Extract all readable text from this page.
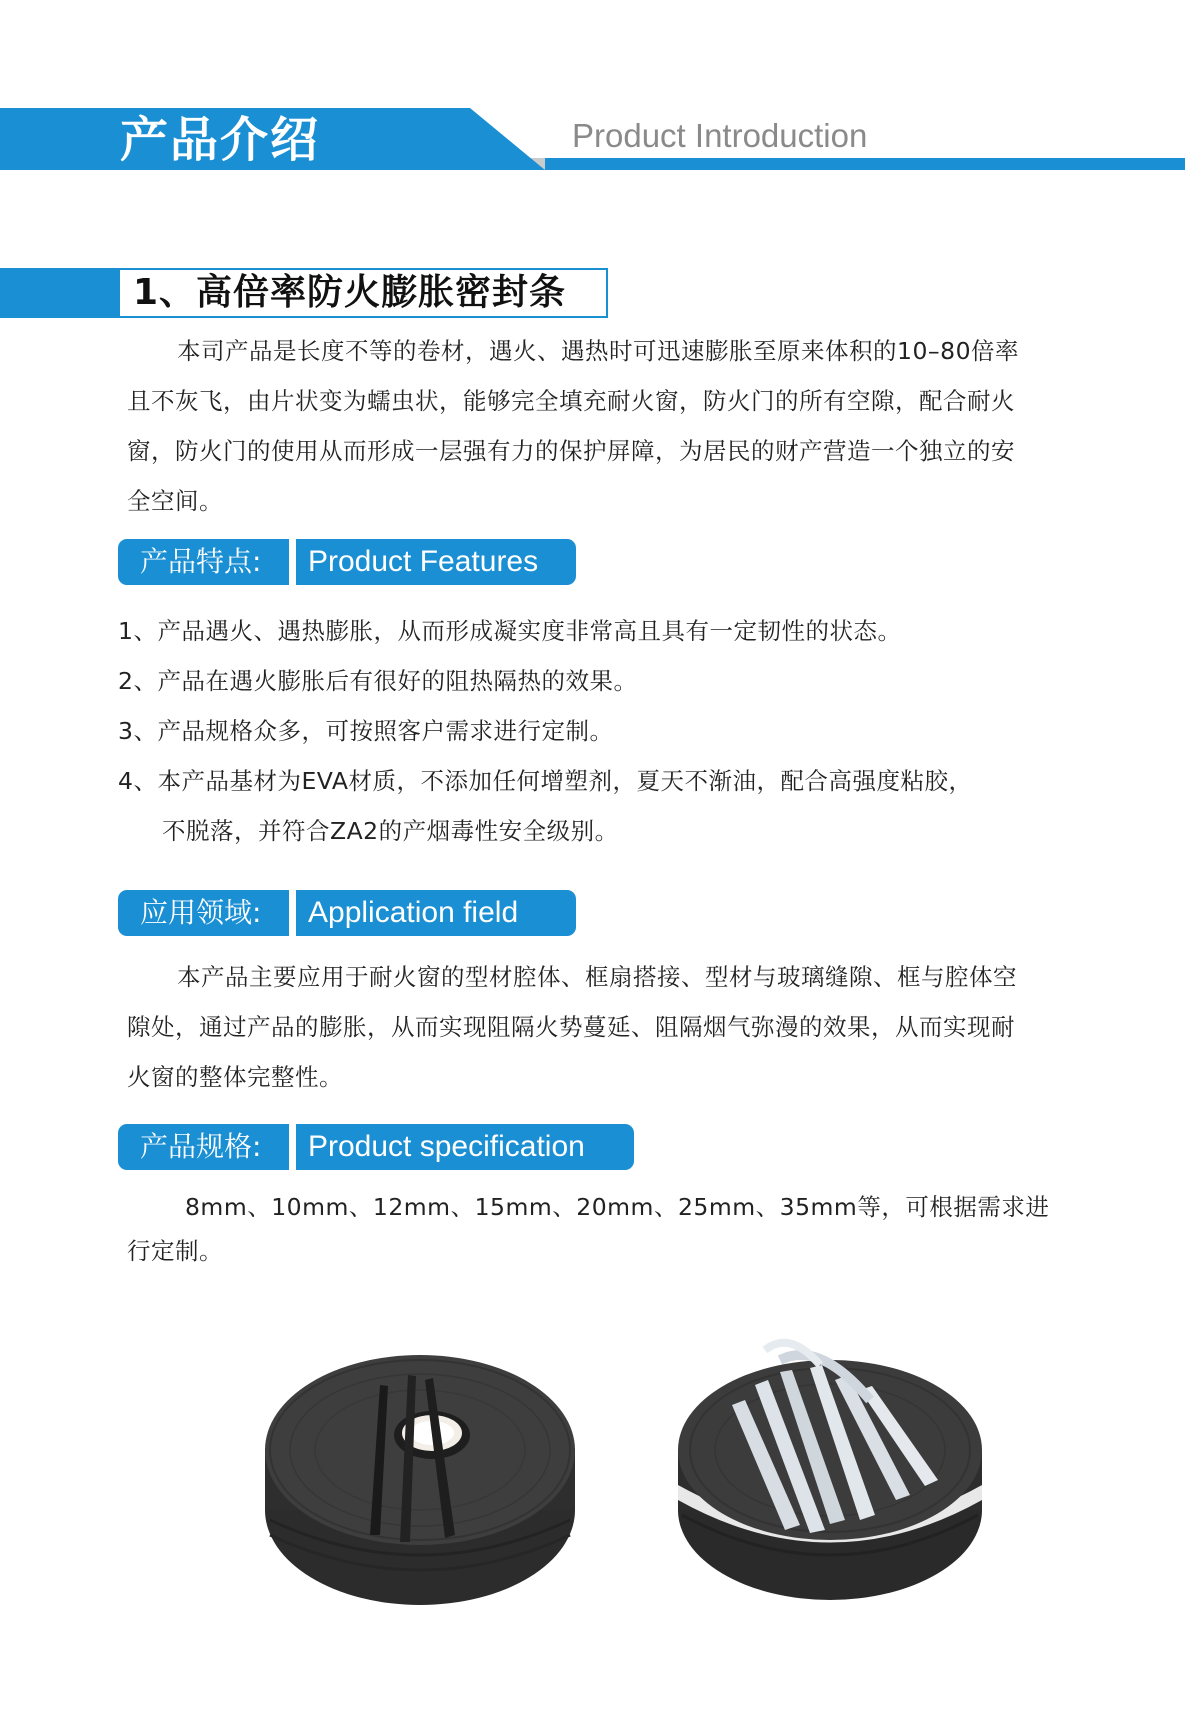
产品介绍	Product Introduction
1、高倍率防火膨胀密封条
本司产品是长度不等的卷材，遇火、遇热时可迅速膨胀至原来体积的10–80倍率
且不灰飞，由片状变为蠕虫状，能够完全填充耐火窗，防火门的所有空隙，配合耐火
窗，防火门的使用从而形成一层强有力的保护屏障，为居民的财产营造一个独立的安
全空间。
产品特点:	Product Features
1、产品遇火、遇热膨胀，从而形成凝实度非常高且具有一定韧性的状态。
2、产品在遇火膨胀后有很好的阻热隔热的效果。
3、产品规格众多，可按照客户需求进行定制。
4、本产品基材为EVA材质，不添加任何增塑剂，夏天不渐油，配合高强度粘胶，
不脱落，并符合ZA2的产烟毒性安全级别。
应用领域:	Application field
本产品主要应用于耐火窗的型材腔体、框扇搭接、型材与玻璃缝隙、框与腔体空
隙处，通过产品的膨胀，从而实现阻隔火势蔓延、阻隔烟气弥漫的效果，从而实现耐
火窗的整体完整性。
产品规格:	Product specification
8mm、10mm、12mm、15mm、20mm、25mm、35mm等，可根据需求进
行定制。
